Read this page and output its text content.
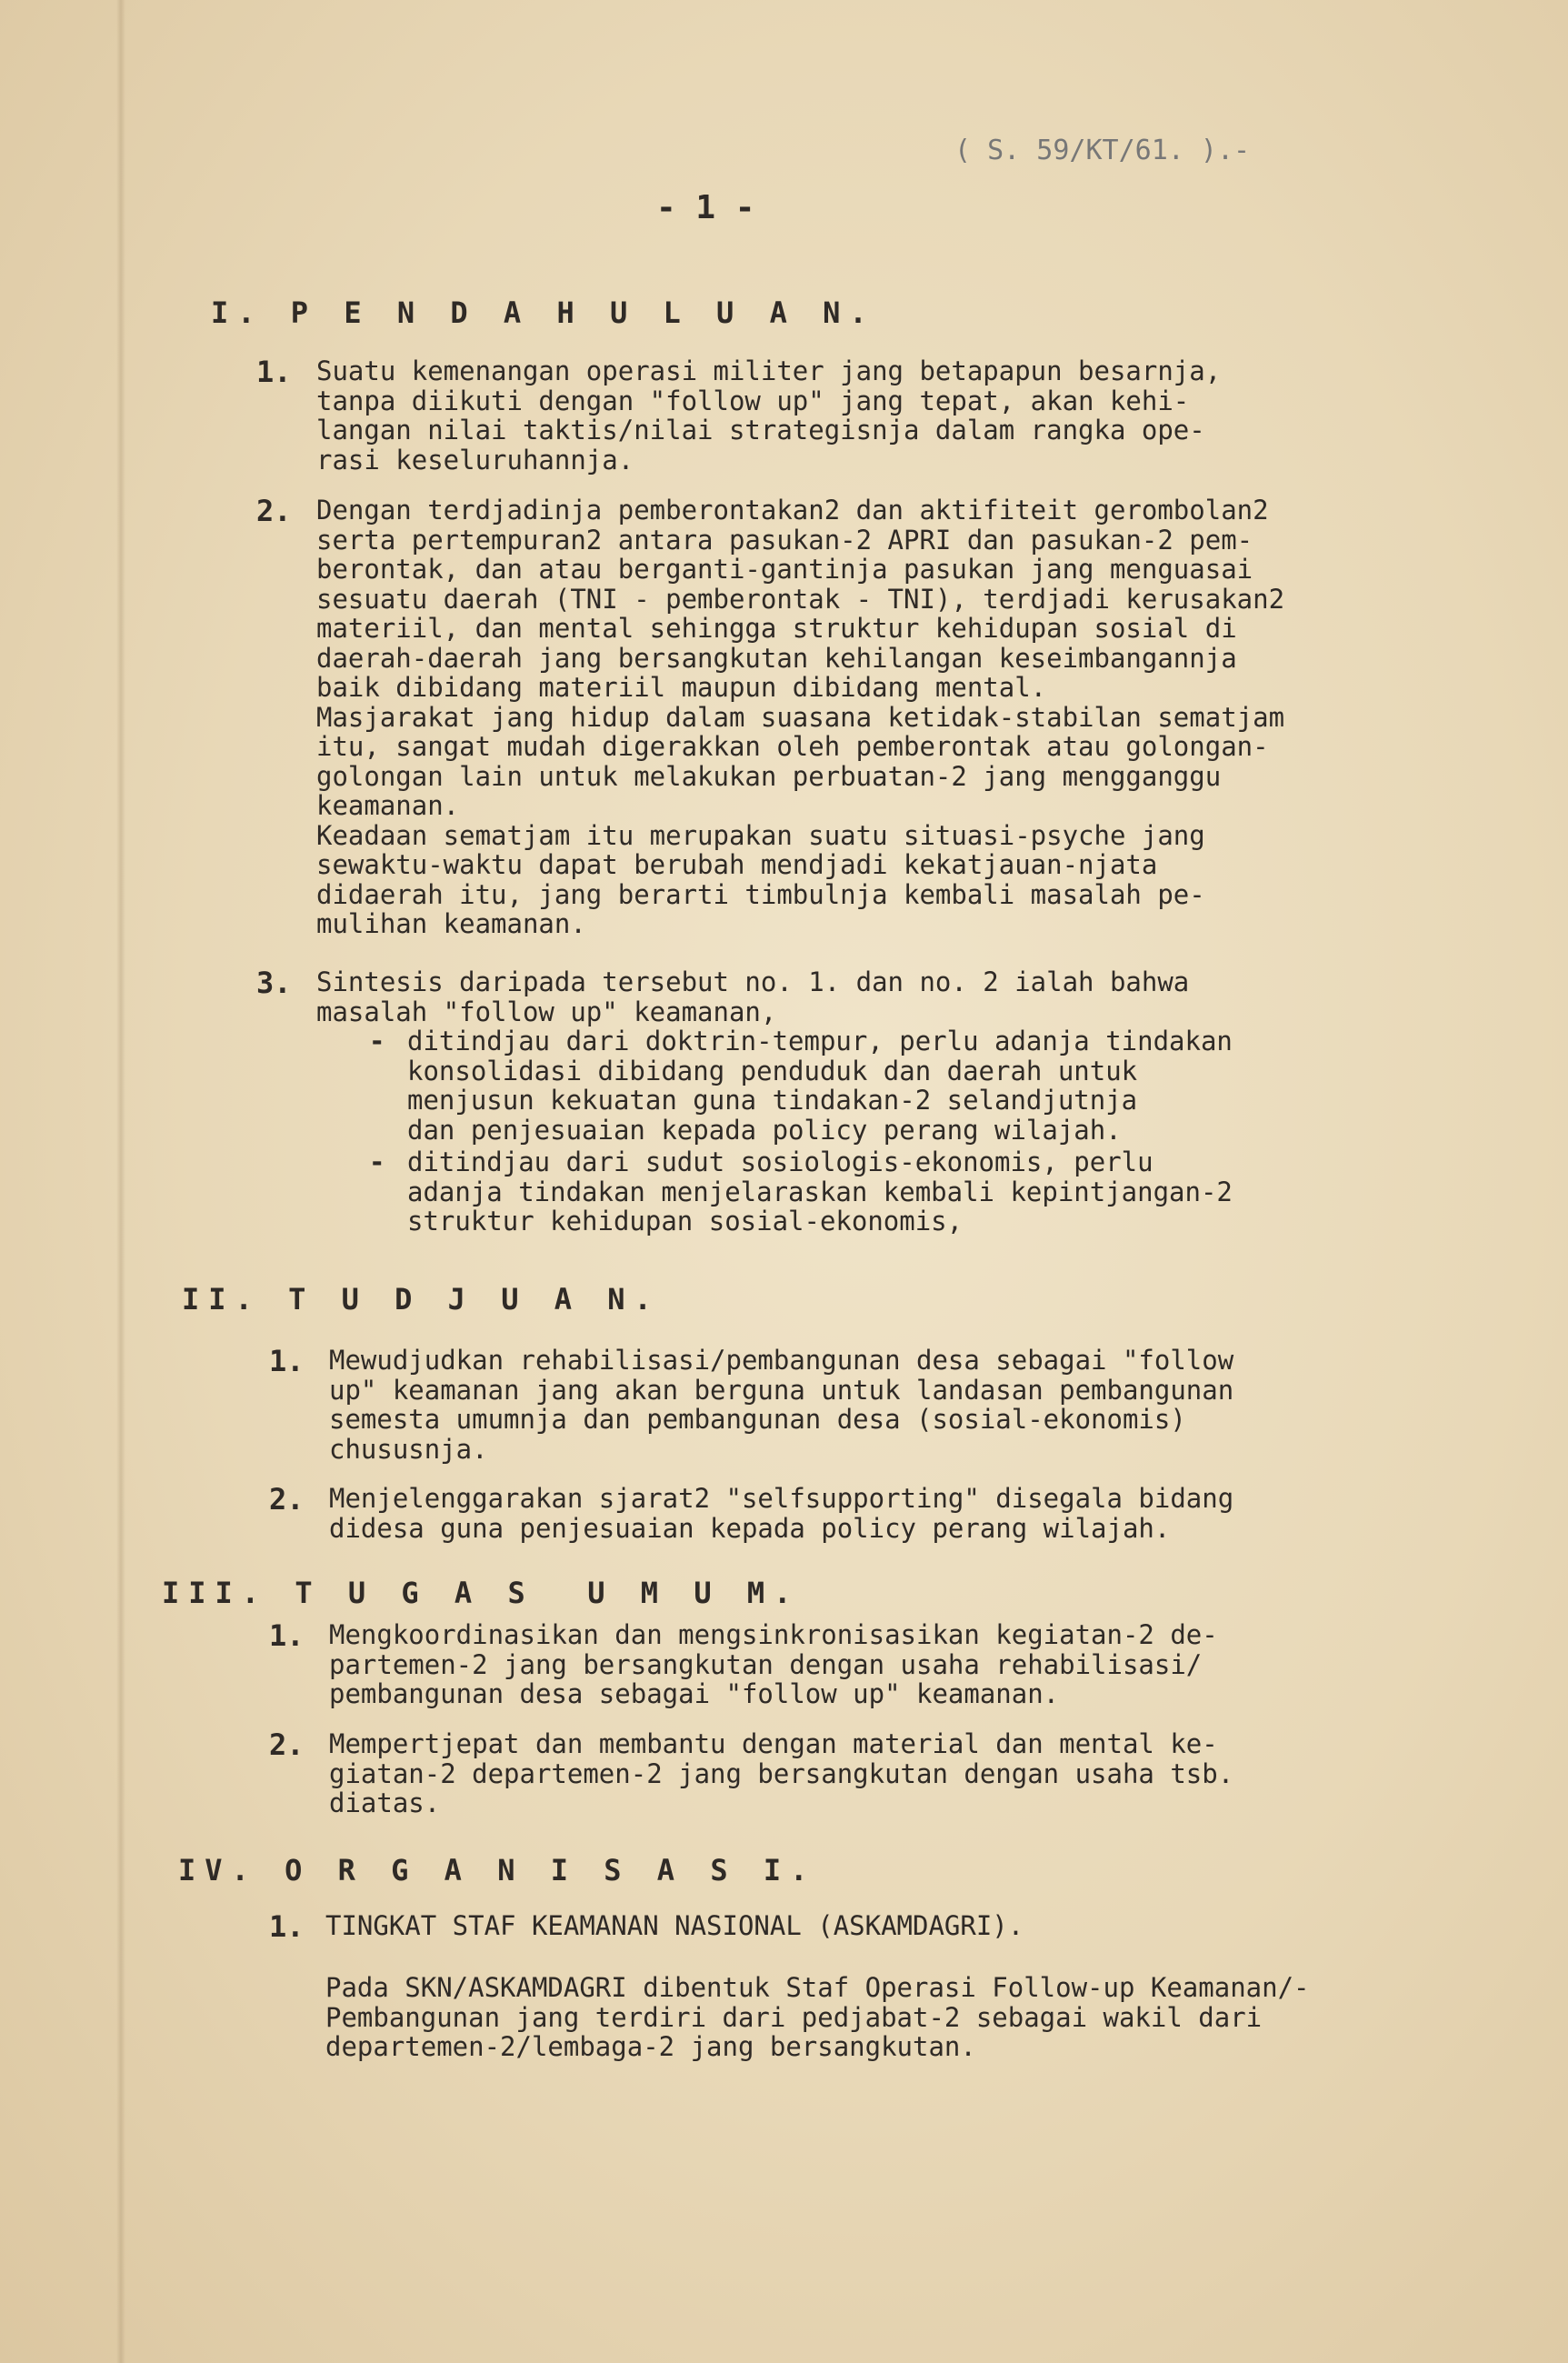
( S. 59/KT/61. ).-

- 1 -

I. P E N D A H U L U A N.

1. Suatu kemenangan operasi militer jang betapapun besarnja,
tanpa diikuti dengan "follow up" jang tepat, akan kehi-
langan nilai taktis/nilai strategisnja dalam rangka ope-
rasi keseluruhannja.

2. Dengan terdjadinja pemberontakan2 dan aktifiteit gerombolan2
serta pertempuran2 antara pasukan-2 APRI dan pasukan-2 pem-
berontak, dan atau berganti-gantinja pasukan jang menguasai
sesuatu daerah (TNI - pemberontak - TNI), terdjadi kerusakan2
materiil, dan mental sehingga struktur kehidupan sosial di
daerah-daerah jang bersangkutan kehilangan keseimbangannja
baik dibidang materiil maupun dibidang mental.
Masjarakat jang hidup dalam suasana ketidak-stabilan sematjam
itu, sangat mudah digerakkan oleh pemberontak atau golongan-
golongan lain untuk melakukan perbuatan-2 jang mengganggu
keamanan.
Keadaan sematjam itu merupakan suatu situasi-psyche jang
sewaktu-waktu dapat berubah mendjadi kekatjauan-njata
didaerah itu, jang berarti timbulnja kembali masalah pe-
mulihan keamanan.

3. Sintesis daripada tersebut no. 1. dan no. 2 ialah bahwa
masalah "follow up" keamanan,

- ditindjau dari doktrin-tempur, perlu adanja tindakan
konsolidasi dibidang penduduk dan daerah untuk
menjusun kekuatan guna tindakan-2 selandjutnja
dan penjesuaian kepada policy perang wilajah.

- ditindjau dari sudut sosiologis-ekonomis, perlu
adanja tindakan menjelaraskan kembali kepintjangan-2
struktur kehidupan sosial-ekonomis,

II. T U D J U A N.

1. Mewudjudkan rehabilisasi/pembangunan desa sebagai "follow
up" keamanan jang akan berguna untuk landasan pembangunan
semesta umumnja dan pembangunan desa (sosial-ekonomis)
chususnja.

2. Menjelenggarakan sjarat2 "selfsupporting" disegala bidang
didesa guna penjesuaian kepada policy perang wilajah.

III. T U G A S  U M U M.

1. Mengkoordinasikan dan mengsinkronisasikan kegiatan-2 de-
partemen-2 jang bersangkutan dengan usaha rehabilisasi/
pembangunan desa sebagai "follow up" keamanan.

2. Mempertjepat dan membantu dengan material dan mental ke-
giatan-2 departemen-2 jang bersangkutan dengan usaha tsb.
diatas.

IV. O R G A N I S A S I.

1. TINGKAT STAF KEAMANAN NASIONAL (ASKAMDAGRI).
Pada SKN/ASKAMDAGRI dibentuk Staf Operasi Follow-up Keamanan/-
Pembangunan jang terdiri dari pedjabat-2 sebagai wakil dari
departemen-2/lembaga-2 jang bersangkutan.
